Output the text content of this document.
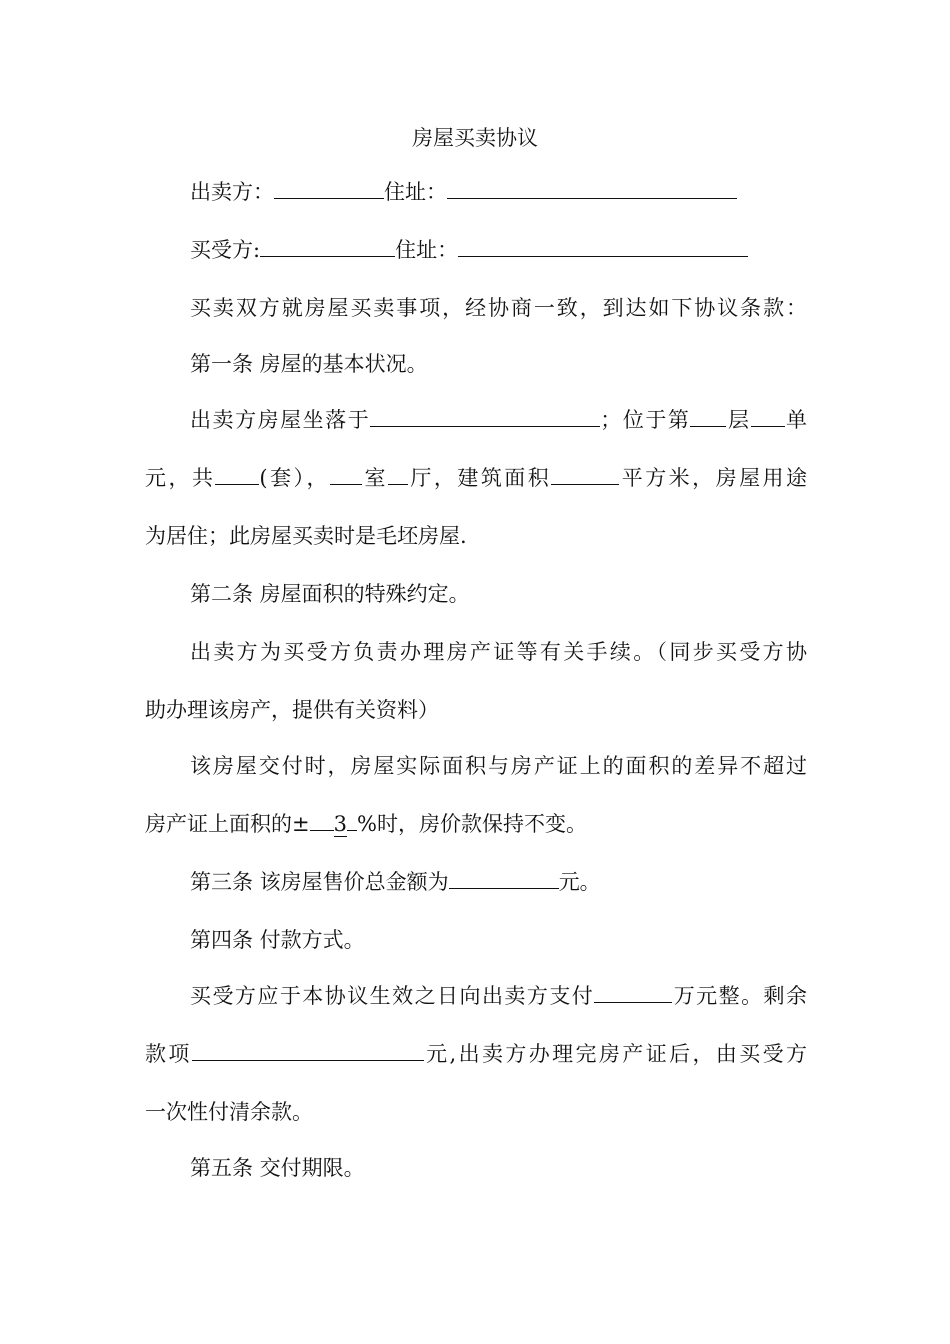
房屋买卖协议
出卖方：	住址：
买受方:	住址：
买卖双方就房屋买卖事项，经协商一致，到达如下协议条款：
第一条 房屋的基本状况。
出卖方房屋坐落于	；位于第 层 单
元，共 (套）， 室 厅，建筑面积	平方米，房屋用途
为居住；此房屋买卖时是毛坯房屋.
第二条 房屋面积的特殊约定。
出卖方为买受方负责办理房产证等有关手续。（同步买受方协
助办理该房产，提供有关资料）
该房屋交付时，房屋实际面积与房产证上的面积的差异不超过
房产证上面积的± 3 %时，房价款保持不变。
第三条 该房屋售价总金额为	元。
第四条 付款方式。
买受方应于本协议生效之日向出卖方支付	万元整。剩余
款项	元,出卖方办理完房产证后，由买受方
一次性付清余款。
第五条 交付期限。
